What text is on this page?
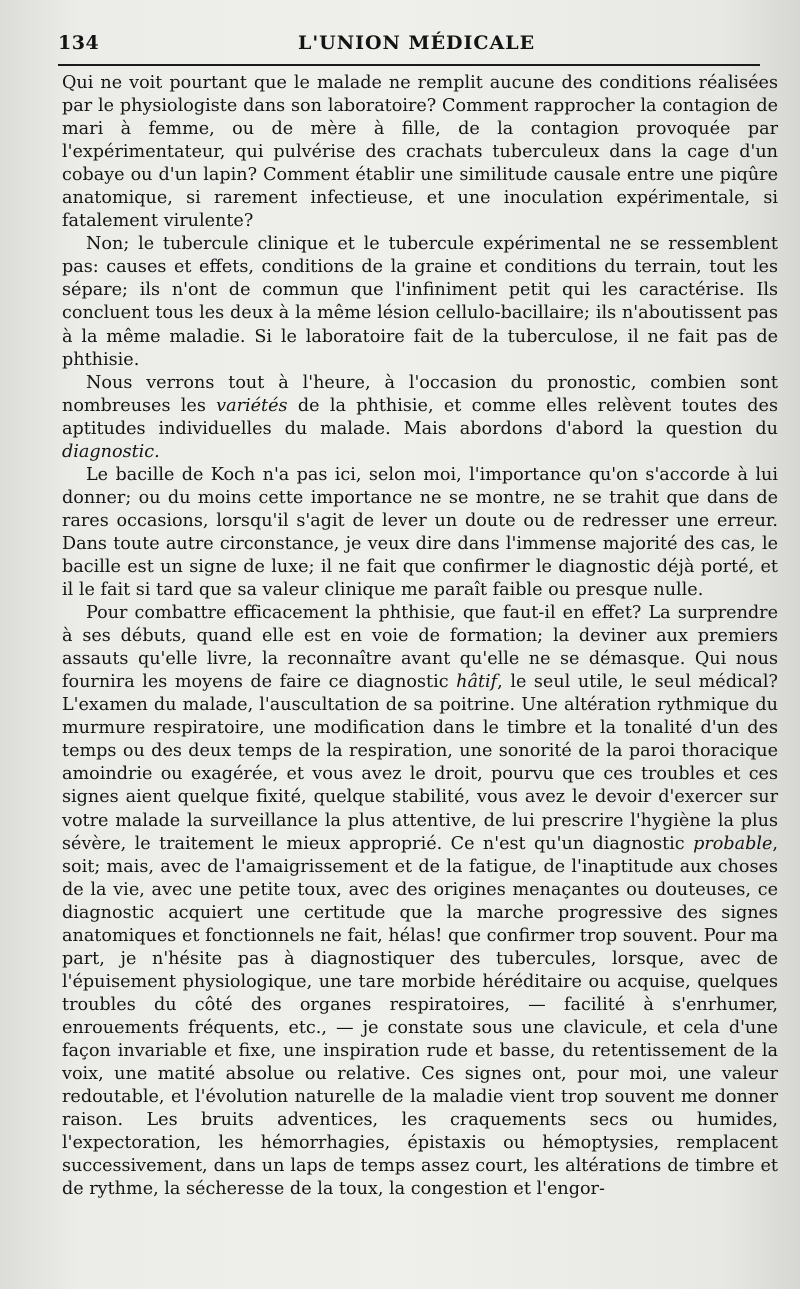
134	L'UNION MÉDICALE

Qui ne voit pourtant que le malade ne remplit aucune des conditions réalisées par le physiologiste dans son laboratoire? Comment rapprocher la contagion de mari à femme, ou de mère à fille, de la contagion provoquée par l'expérimentateur, qui pulvérise des crachats tuberculeux dans la cage d'un cobaye ou d'un lapin? Comment établir une similitude causale entre une piqûre anatomique, si rarement infectieuse, et une inoculation expérimentale, si fatalement virulente?

Non; le tubercule clinique et le tubercule expérimental ne se ressemblent pas: causes et effets, conditions de la graine et conditions du terrain, tout les sépare; ils n'ont de commun que l'infiniment petit qui les caractérise. Ils concluent tous les deux à la même lésion cellulo-bacillaire; ils n'aboutissent pas à la même maladie. Si le laboratoire fait de la tuberculose, il ne fait pas de phthisie.

Nous verrons tout à l'heure, à l'occasion du pronostic, combien sont nombreuses les variétés de la phthisie, et comme elles relèvent toutes des aptitudes individuelles du malade. Mais abordons d'abord la question du diagnostic.

Le bacille de Koch n'a pas ici, selon moi, l'importance qu'on s'accorde à lui donner; ou du moins cette importance ne se montre, ne se trahit que dans de rares occasions, lorsqu'il s'agit de lever un doute ou de redresser une erreur. Dans toute autre circonstance, je veux dire dans l'immense majorité des cas, le bacille est un signe de luxe; il ne fait que confirmer le diagnostic déjà porté, et il le fait si tard que sa valeur clinique me paraît faible ou presque nulle.

Pour combattre efficacement la phthisie, que faut-il en effet? La surprendre à ses débuts, quand elle est en voie de formation; la deviner aux premiers assauts qu'elle livre, la reconnaître avant qu'elle ne se démasque. Qui nous fournira les moyens de faire ce diagnostic hâtif, le seul utile, le seul médical? L'examen du malade, l'auscultation de sa poitrine. Une altération rythmique du murmure respiratoire, une modification dans le timbre et la tonalité d'un des temps ou des deux temps de la respiration, une sonorité de la paroi thoracique amoindrie ou exagérée, et vous avez le droit, pourvu que ces troubles et ces signes aient quelque fixité, quelque stabilité, vous avez le devoir d'exercer sur votre malade la surveillance la plus attentive, de lui prescrire l'hygiène la plus sévère, le traitement le mieux approprié. Ce n'est qu'un diagnostic probable, soit; mais, avec de l'amaigrissement et de la fatigue, de l'inaptitude aux choses de la vie, avec une petite toux, avec des origines menaçantes ou douteuses, ce diagnostic acquiert une certitude que la marche progressive des signes anatomiques et fonctionnels ne fait, hélas! que confirmer trop souvent. Pour ma part, je n'hésite pas à diagnostiquer des tubercules, lorsque, avec de l'épuisement physiologique, une tare morbide héréditaire ou acquise, quelques troubles du côté des organes respiratoires, — facilité à s'enrhumer, enrouements fréquents, etc., — je constate sous une clavicule, et cela d'une façon invariable et fixe, une inspiration rude et basse, du retentissement de la voix, une matité absolue ou relative. Ces signes ont, pour moi, une valeur redoutable, et l'évolution naturelle de la maladie vient trop souvent me donner raison. Les bruits adventices, les craquements secs ou humides, l'expectoration, les hémorrhagies, épistaxis ou hémoptysies, remplacent successivement, dans un laps de temps assez court, les altérations de timbre et de rythme, la sécheresse de la toux, la congestion et l'engor-
